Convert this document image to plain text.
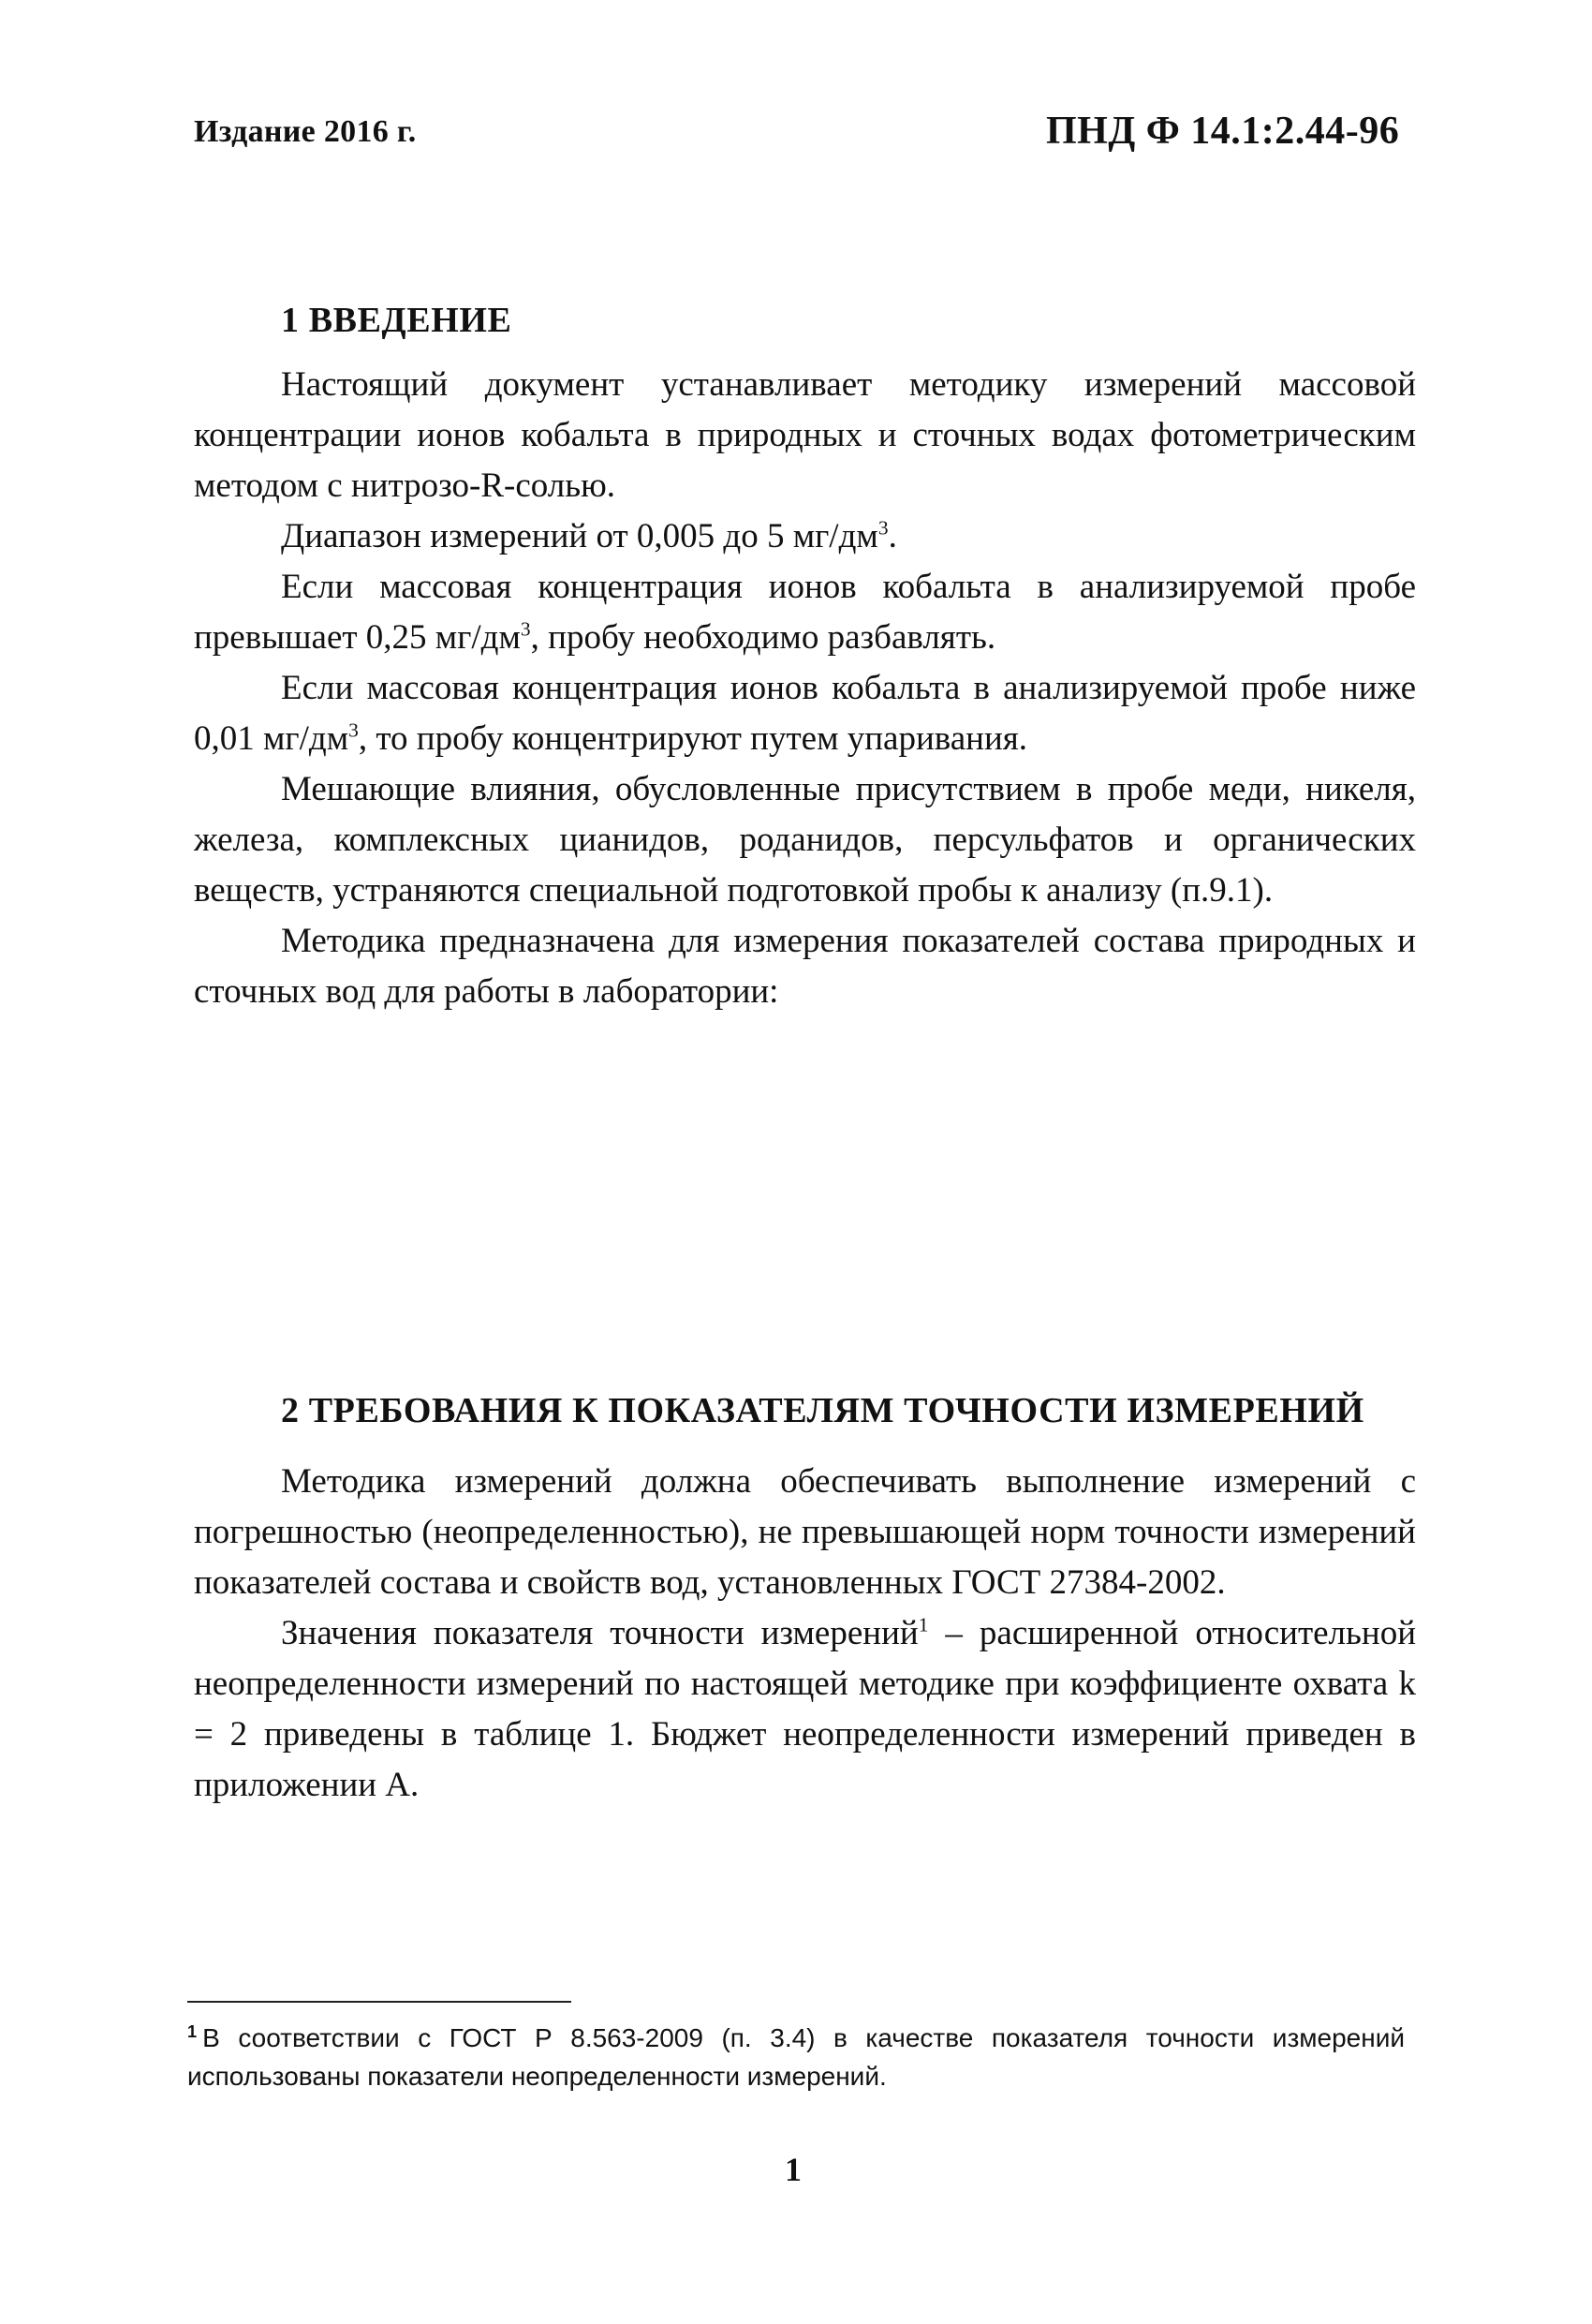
Издание 2016 г.	ПНД Ф 14.1:2.44-96
1 ВВЕДЕНИЕ

Настоящий документ устанавливает методику измерений массовой концентрации ионов кобальта в природных и сточных водах фотометрическим методом с нитрозо-R-солью.

Диапазон измерений от 0,005 до 5 $мг/дм^3$.

Если массовая концентрация ионов кобальта в анализируемой пробе превышает 0,25 $мг/дм^3$, пробу необходимо разбавлять.

Если массовая концентрация ионов кобальта в анализируемой пробе ниже 0,01 $мг/дм^3$, то пробу концентрируют путем упаривания.

Мешающие влияния, обусловленные присутствием в пробе меди, никеля, железа, комплексных цианидов, роданидов, персульфатов и органических веществ, устраняются специальной подготовкой пробы к анализу (п.9.1).

Методика предназначена для измерения показателей состава природных и сточных вод для работы в лаборатории:

2 ТРЕБОВАНИЯ К ПОКАЗАТЕЛЯМ ТОЧНОСТИ ИЗМЕРЕНИЙ

Методика измерений должна обеспечивать выполнение измерений с погрешностью (неопределенностью), не превышающей норм точности измерений показателей состава и свойств вод, установленных ГОСТ 27384-2002.

Значения показателя точности измерений$^1$ – расширенной относительной неопределенности измерений по настоящей методике при коэффициенте охвата k = 2 приведены в таблице 1. Бюджет неопределенности измерений приведен в приложении А.

$^1$ В соответствии с ГОСТ Р 8.563-2009 (п. 3.4) в качестве показателя точности измерений использованы показатели неопределенности измерений.
1
